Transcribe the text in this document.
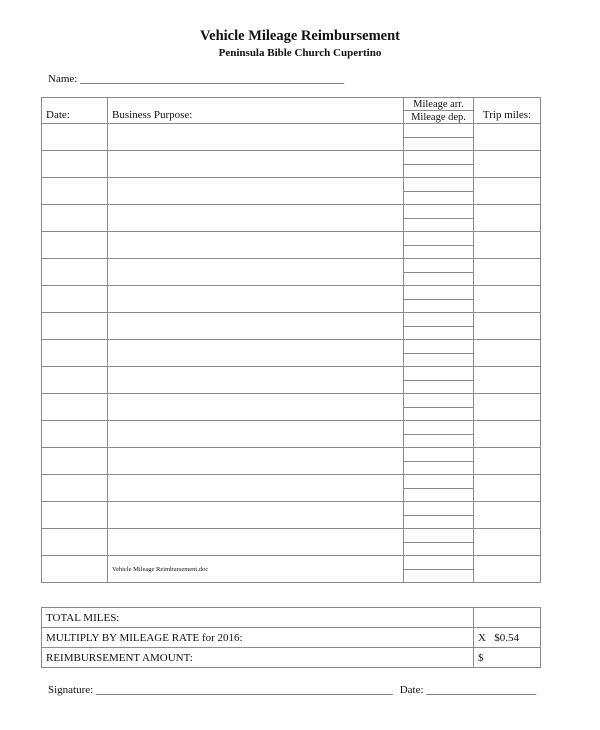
Vehicle Mileage Reimbursement
Peninsula Bible Church Cupertino
Name: ________________________________________________
Date:	Business Purpose:	Mileage arr.	Trip miles:
		Mileage dep.	

	Vehicle Mileage Reimbursement.doc		

TOTAL MILES:	
MULTIPLY BY MILEAGE RATE for 2016:	X   $0.54
REIMBURSEMENT AMOUNT:	$
Signature: ______________________________________________________ Date: ____________________
